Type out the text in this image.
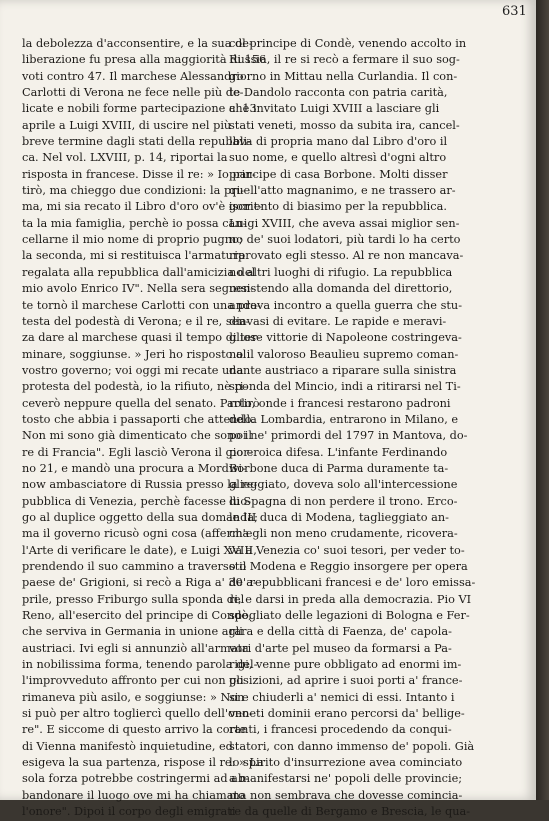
631
la debolezza d'acconsentire, e la sua de-
liberazione fu presa alla maggiorità di 156
voti contro 47. Il marchese Alessandro
Carlotti di Verona ne fece nelle più de-
licate e nobili forme partecipazione a' 13
aprile a Luigi XVIII, di uscire nel più
breve termine dagli stati della repubbli-
ca. Nel vol. LXVIII, p. 14, riportai la
risposta in francese. Disse il re: » Io par-
tirò, ma chieggo due condizioni: la pri-
ma, mi sia recato il Libro d'oro ov'è iscrit-
ta la mia famiglia, perchè io possa can-
cellarne il mio nome di proprio pugno;
la seconda, mi si restituisca l'armatura
regalata alla repubblica dall'amicizia del
mio avolo Enrico IV". Nella sera seguen-
te tornò il marchese Carlotti con una pro-
testa del podestà di Verona; e il re, sen-
za dare al marchese quasi il tempo di ter-
minare, soggiunse. » Jeri ho risposto al
vostro governo; voi oggi mi recate una
protesta del podestà, io la rifiuto, nè ri-
ceverò neppure quella del senato. Partirò
tosto che abbia i passaporti che attendo.
Non mi sono già dimenticato che sono il
re di Francia". Egli lasciò Verona il gior-
no 21, e mandò una procura a Mordwi-
now ambasciatore di Russia presso la re-
pubblica di Venezia, perchè facesse luo-
go al duplice oggetto della sua domanda;
ma il governo ricusò ogni cosa (afferma
l'Arte di verificare le date), e Luigi XVIII,
prendendo il suo cammino a traverso il
paese de' Grigioni, si recò a Riga a' 30 a-
prile, presso Friburgo sulla sponda del
Reno, all'esercito del principe di Condè,
che serviva in Germania in unione agli
austriaci. Ivi egli si annunziò all'armata
in nobilissima forma, tenendo parola del-
l'improvveduto affronto per cui non gli
rimaneva più asilo, e soggiunse: » Non
si può per altro togliercì quello dell'ono-
re". E siccome di questo arrivo la corte
di Vienna manifestò inquietudine, ed
esigeva la sua partenza, rispose il re: » La
sola forza potrebbe costringermi ad ab-
bandonare il luogo ove mi ha chiamato
l'onore". Dipoi il corpo degli emigrati
col principe di Condè, venendo accolto in
Russia, il re si recò a fermare il suo sog-
giorno in Mittau nella Curlandia. Il con-
te Dandolo racconta con patria carità,
che invitato Luigi XVIII a lasciare gli
stati veneti, mosso da subita ira, cancel-
lava di propria mano dal Libro d'oro il
suo nome, e quello altresì d'ogni altro
principe di casa Borbone. Molti disser
quell'atto magnanimo, e ne trassero ar-
gomento di biasimo per la repubblica.
Luigi XVIII, che aveva assai miglior sen-
no de' suoi lodatori, più tardi lo ha certo
riprovato egli stesso. Al re non mancava-
no altri luoghi di rifugio. La repubblica
resistendo alla domanda del direttorio,
andava incontro a quella guerra che stu-
diavasi di evitare. Le rapide e meravi-
gliose vittorie di Napoleone costringeva-
no il valoroso Beaulieu supremo coman-
dante austriaco a riparare sulla sinistra
sponda del Mincio, indi a ritirarsi nel Ti-
rolo, onde i francesi restarono padroni
della Lombardia, entrarono in Milano, e
poi ne' primordi del 1797 in Mantova, do-
po eroica difesa. L'infante Ferdinando
Borbone duca di Parma duramente ta-
glieggiato, doveva solo all'intercessione
di Spagna di non perdere il trono. Erco-
le III duca di Modena, taglieggiato an-
ch'egli non meno crudamente, ricovera-
va a Venezia co' suoi tesori, per veder to-
sto Modena e Reggio insorgere per opera
de' repubblicani francesi e de' loro emissa-
ri, e darsi in preda alla democrazia. Pio VI
spogliato delle legazioni di Bologna e Fer-
rara e della città di Faenza, de' capola-
vori d'arte pel museo da formarsi a Pa-
rigi, venne pure obbligato ad enormi im-
posizioni, ad aprire i suoi porti a' france-
si e chiuderli a' nemici di essi. Intanto i
veneti dominii erano percorsi da' bellige-
ranti, i francesi procedendo da conqui-
statori, con danno immenso de' popoli. Già
lo spirito d'insurrezione avea cominciato
a manifestarsi ne' popoli delle provincie;
ma non sembrava che dovesse comincia-
re da quelle di Bergamo e Brescia, le qua-
